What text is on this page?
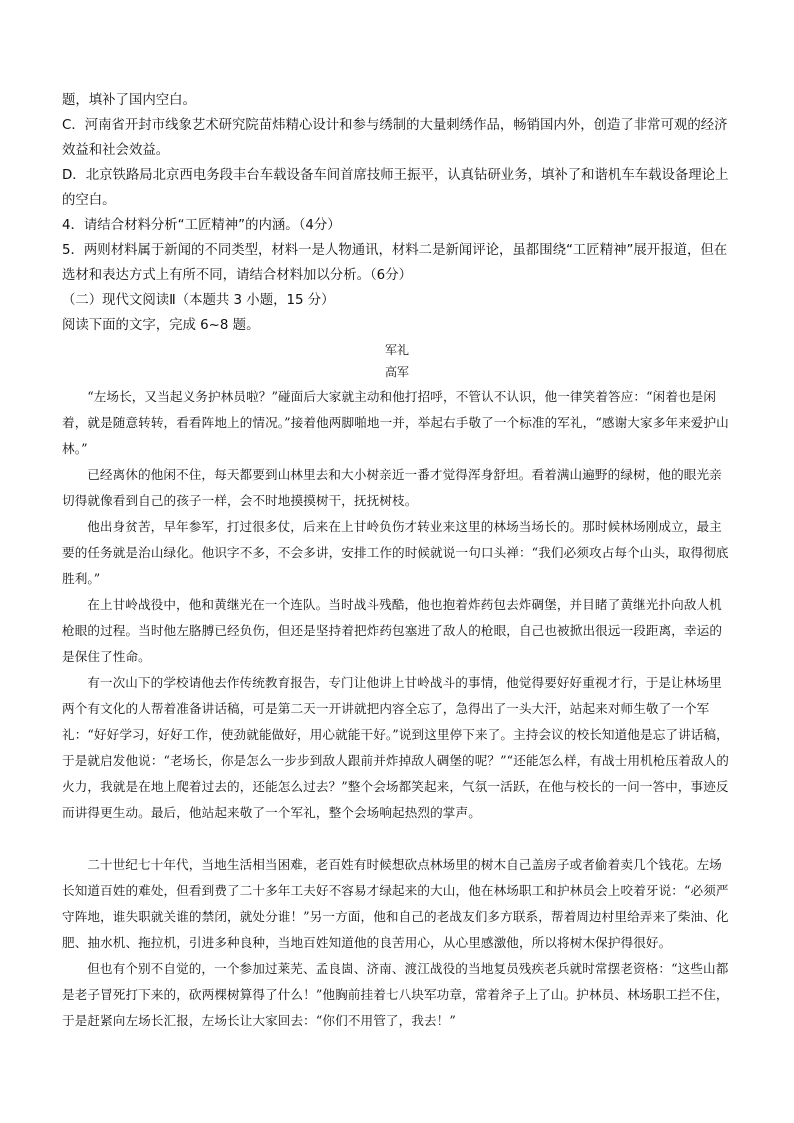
题，填补了国内空白。

C．河南省开封市线象艺术研究院苗炜精心设计和参与绣制的大量刺绣作品，畅销国内外，创造了非常可观的经济效益和社会效益。

D．北京铁路局北京西电务段丰台车载设备车间首席技师王振平，认真钻研业务，填补了和谐机车车载设备理论上的空白。

4．请结合材料分析“工匠精神”的内涵。（4分）

5．两则材料属于新闻的不同类型，材料一是人物通讯，材料二是新闻评论，虽都围绕“工匠精神”展开报道，但在选材和表达方式上有所不同，请结合材料加以分析。（6分）

（二）现代文阅读Ⅱ（本题共 3 小题，15 分）

阅读下面的文字，完成 6~8 题。

军礼

高军

“左场长，又当起义务护林员啦？”碰面后大家就主动和他打招呼，不管认不认识，他一律笑着答应：“闲着也是闲着，就是随意转转，看看阵地上的情况。”接着他两脚啪地一并，举起右手敬了一个标准的军礼，“感谢大家多年来爱护山林。”

已经离休的他闲不住，每天都要到山林里去和大小树亲近一番才觉得浑身舒坦。看着满山遍野的绿树，他的眼光亲切得就像看到自己的孩子一样，会不时地摸摸树干，抚抚树枝。

他出身贫苦，早年参军，打过很多仗，后来在上甘岭负伤才转业来这里的林场当场长的。那时候林场刚成立，最主要的任务就是治山绿化。他识字不多，不会多讲，安排工作的时候就说一句口头禅：“我们必须攻占每个山头，取得彻底胜利。”

在上甘岭战役中，他和黄继光在一个连队。当时战斗残酷，他也抱着炸药包去炸碉堡，并目睹了黄继光扑向敌人机枪眼的过程。当时他左胳膊已经负伤，但还是坚持着把炸药包塞进了敌人的枪眼，自己也被掀出很远一段距离，幸运的是保住了性命。

有一次山下的学校请他去作传统教育报告，专门让他讲上甘岭战斗的事情，他觉得要好好重视才行，于是让林场里两个有文化的人帮着准备讲话稿，可是第二天一开讲就把内容全忘了，急得出了一头大汗，站起来对师生敬了一个军礼：“好好学习，好好工作，使劲就能做好，用心就能干好。”说到这里停下来了。主持会议的校长知道他是忘了讲话稿，于是就启发他说：“老场长，你是怎么一步步到敌人跟前并炸掉敌人碉堡的呢？”“还能怎么样，有战士用机枪压着敌人的火力，我就是在地上爬着过去的，还能怎么过去？”整个会场都笑起来，气氛一活跃，在他与校长的一问一答中，事迹反而讲得更生动。最后，他站起来敬了一个军礼，整个会场响起热烈的掌声。

二十世纪七十年代，当地生活相当困难，老百姓有时候想砍点林场里的树木自己盖房子或者偷着卖几个钱花。左场长知道百姓的难处，但看到费了二十多年工夫好不容易才绿起来的大山，他在林场职工和护林员会上咬着牙说：“必须严守阵地，谁失职就关谁的禁闭，就处分谁！”另一方面，他和自己的老战友们多方联系，帮着周边村里给弄来了柴油、化肥、抽水机、拖拉机，引进多种良种，当地百姓知道他的良苦用心，从心里感激他，所以将树木保护得很好。

但也有个别不自觉的，一个参加过莱芜、孟良崮、济南、渡江战役的当地复员残疾老兵就时常摆老资格：“这些山都是老子冒死打下来的，砍两棵树算得了什么！”他胸前挂着七八块军功章，常着斧子上了山。护林员、林场职工拦不住，于是赶紧向左场长汇报，左场长让大家回去：“你们不用管了，我去！”
